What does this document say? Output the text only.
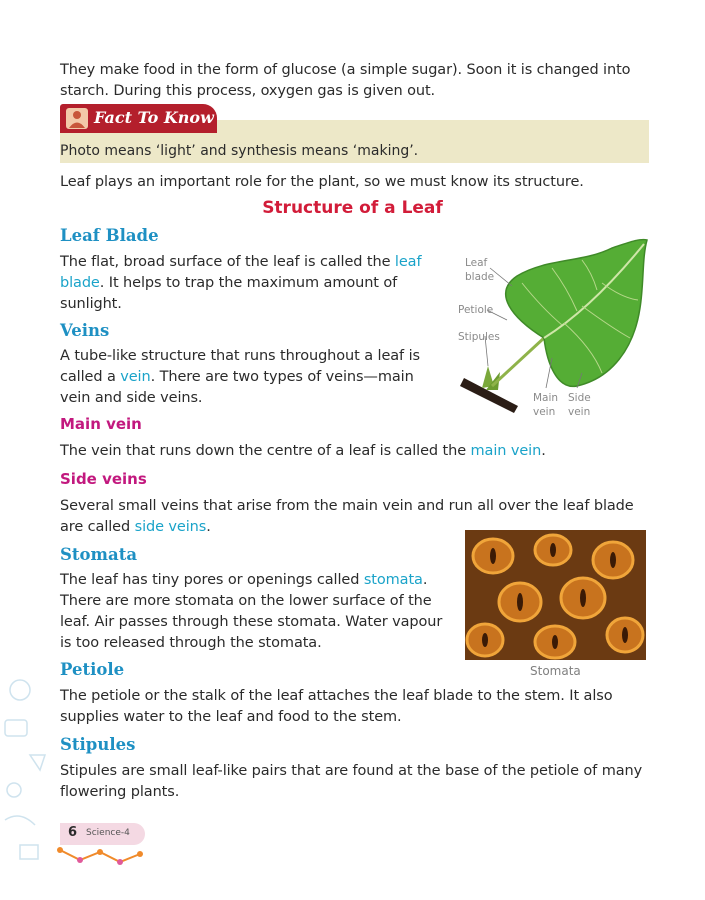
They make food in the form of glucose (a simple sugar). Soon it is changed into
starch. During this process, oxygen gas is given out.
Fact To Know
Photo means ‘light’ and synthesis means ‘making’.
Leaf plays an important role for the plant, so we must know its structure.
Structure of a Leaf
Leaf Blade
The flat, broad surface of the leaf is called the leaf
blade. It helps to trap the maximum amount of
sunlight.
Veins
A tube-like structure that runs throughout a leaf is
called a vein. There are two types of veins—main
vein and side veins.
Leaf
blade
Petiole
Stipules
Main
vein
Side
vein
Main vein
The vein that runs down the centre of a leaf is called the main vein.
Side veins
Several small veins that arise from the main vein and run all over the leaf blade
are called side veins.
Stomata
The leaf has tiny pores or openings called stomata.
There are more stomata on the lower surface of the
leaf. Air passes through these stomata. Water vapour
is too released through the stomata.
Stomata
Petiole
The petiole or the stalk of the leaf attaches the leaf blade to the stem. It also
supplies water to the leaf and food to the stem.
Stipules
Stipules are small leaf-like pairs that are found at the base of the petiole of many
flowering plants.
6 Science-4
